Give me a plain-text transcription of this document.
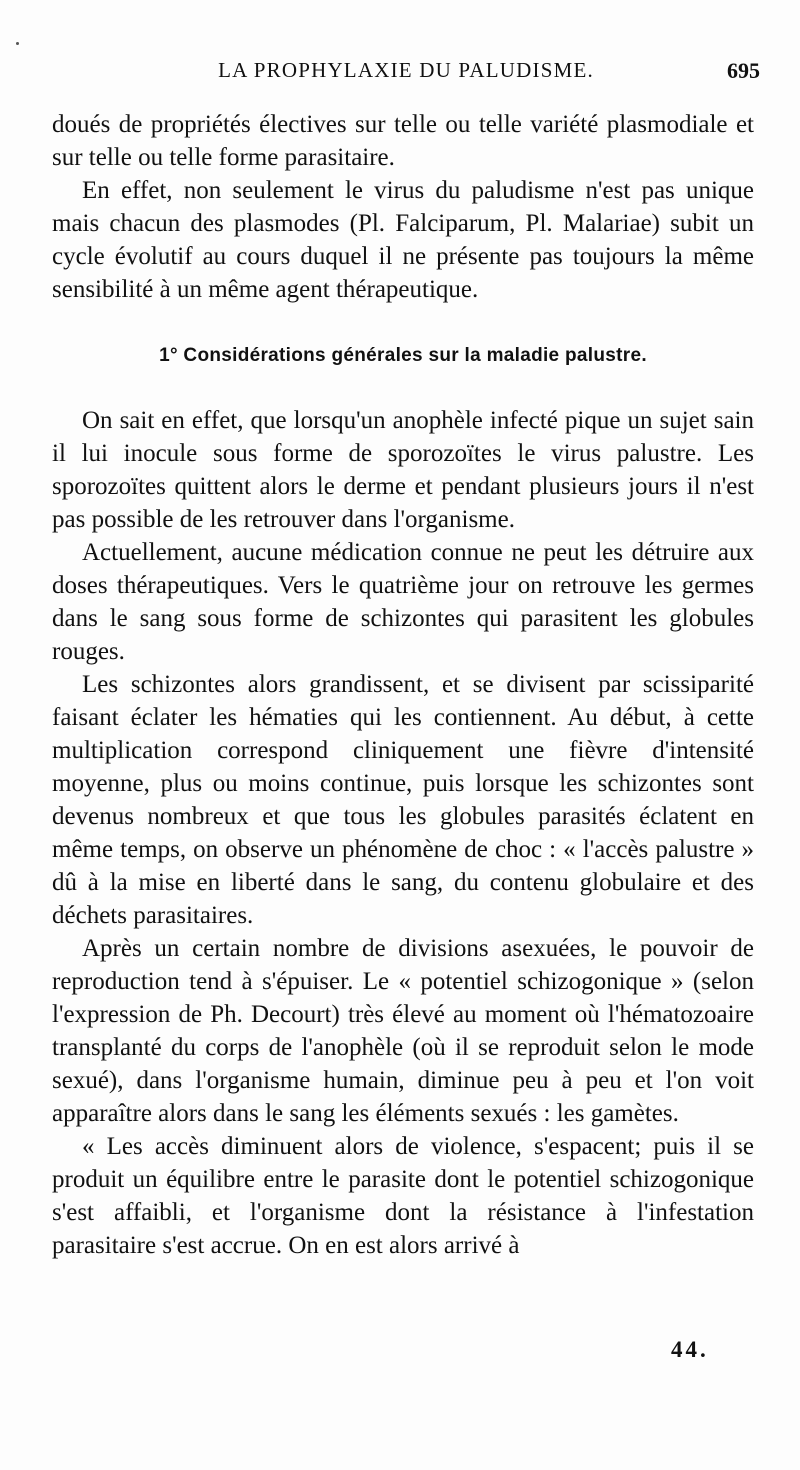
LA PROPHYLAXIE DU PALUDISME.	695

doués de propriétés électives sur telle ou telle variété plasmodiale et sur telle ou telle forme parasitaire.

En effet, non seulement le virus du paludisme n'est pas unique mais chacun des plasmodes (Pl. Falciparum, Pl. Malariae) subit un cycle évolutif au cours duquel il ne présente pas toujours la même sensibilité à un même agent thérapeutique.

1° Considérations générales sur la maladie palustre.

On sait en effet, que lorsqu'un anophèle infecté pique un sujet sain il lui inocule sous forme de sporozoïtes le virus palustre. Les sporozoïtes quittent alors le derme et pendant plusieurs jours il n'est pas possible de les retrouver dans l'organisme.

Actuellement, aucune médication connue ne peut les détruire aux doses thérapeutiques. Vers le quatrième jour on retrouve les germes dans le sang sous forme de schizontes qui parasitent les globules rouges.

Les schizontes alors grandissent, et se divisent par scissiparité faisant éclater les hématies qui les contiennent. Au début, à cette multiplication correspond cliniquement une fièvre d'intensité moyenne, plus ou moins continue, puis lorsque les schizontes sont devenus nombreux et que tous les globules parasités éclatent en même temps, on observe un phénomène de choc : « l'accès palustre » dû à la mise en liberté dans le sang, du contenu globulaire et des déchets parasitaires.

Après un certain nombre de divisions asexuées, le pouvoir de reproduction tend à s'épuiser. Le « potentiel schizogonique » (selon l'expression de Ph. Decourt) très élevé au moment où l'hématozoaire transplanté du corps de l'anophèle (où il se reproduit selon le mode sexué), dans l'organisme humain, diminue peu à peu et l'on voit apparaître alors dans le sang les éléments sexués : les gamètes.

« Les accès diminuent alors de violence, s'espacent; puis il se produit un équilibre entre le parasite dont le potentiel schizogonique s'est affaibli, et l'organisme dont la résistance à l'infestation parasitaire s'est accrue. On en est alors arrivé à

44.
